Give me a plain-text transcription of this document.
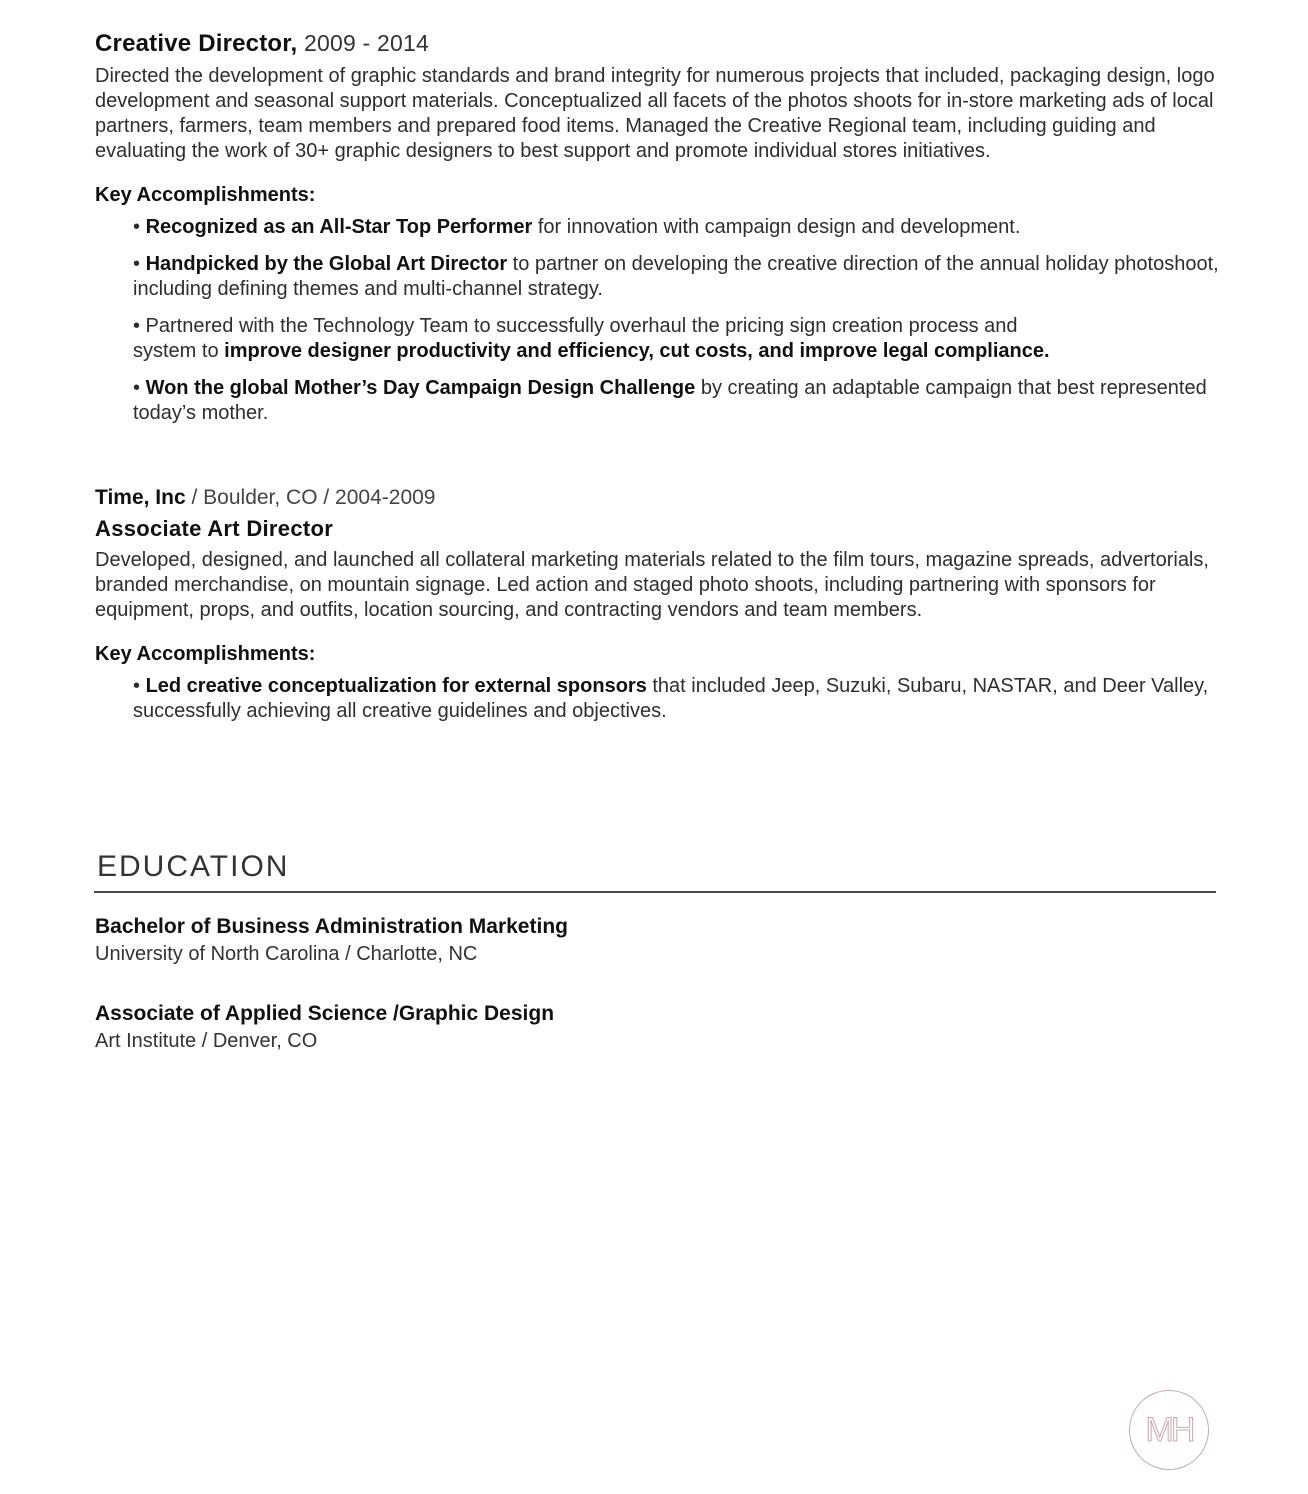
Creative Director, 2009 - 2014

Directed the development of graphic standards and brand integrity for numerous projects that included, packaging design, logo development and seasonal support materials. Conceptualized all facets of the photos shoots for in-store marketing ads of local partners, farmers, team members and prepared food items. Managed the Creative Regional team, including guiding and evaluating the work of 30+ graphic designers to best support and promote individual stores initiatives.

Key Accomplishments:
• Recognized as an All-Star Top Performer for innovation with campaign design and development.
• Handpicked by the Global Art Director to partner on developing the creative direction of the annual holiday photoshoot, including defining themes and multi-channel strategy.
• Partnered with the Technology Team to successfully overhaul the pricing sign creation process and system to improve designer productivity and efficiency, cut costs, and improve legal compliance.
• Won the global Mother’s Day Campaign Design Challenge by creating an adaptable campaign that best represented today’s mother.
Time, Inc / Boulder, CO / 2004-2009
Associate Art Director

Developed, designed, and launched all collateral marketing materials related to the film tours, magazine spreads, advertorials, branded merchandise, on mountain signage. Led action and staged photo shoots, including partnering with sponsors for equipment, props, and outfits, location sourcing, and contracting vendors and team members.

Key Accomplishments:
• Led creative conceptualization for external sponsors that included Jeep, Suzuki, Subaru, NASTAR, and Deer Valley, successfully achieving all creative guidelines and objectives.
EDUCATION
Bachelor of Business Administration Marketing
University of North Carolina / Charlotte, NC
Associate of Applied Science /Graphic Design
Art Institute / Denver, CO
MH
